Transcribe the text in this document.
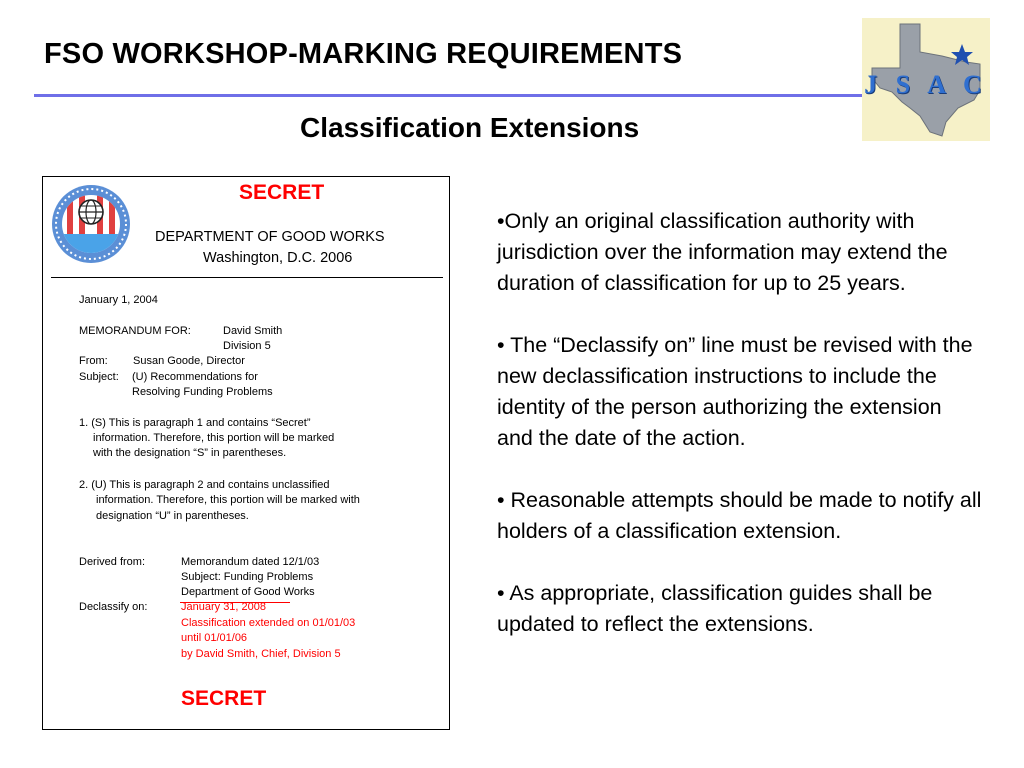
FSO WORKSHOP-MARKING REQUIREMENTS
J S A C
Classification Extensions
SECRET
DEPARTMENT OF GOOD WORKS
Washington, D.C. 2006
January 1, 2004
MEMORANDUM FOR:	David Smith
Division 5
From: Susan Goode, Director
Subject: (U) Recommendations for
Resolving Funding Problems
1. (S) This is paragraph 1 and contains “Secret”
information. Therefore, this portion will be marked
with the designation “S” in parentheses.
2. (U) This is paragraph 2 and contains unclassified
information. Therefore, this portion will be marked with
designation “U” in parentheses.
Derived from:	Memorandum dated 12/1/03
Subject: Funding Problems
Department of Good Works
Declassify on:	January 31, 2008
Classification extended on 01/01/03
until 01/01/06
by David Smith, Chief, Division 5
SECRET

•Only an original classification authority with jurisdiction over the information may extend the duration of classification for up to 25 years.

• The “Declassify on” line must be revised with the new declassification instructions to include the identity of the person authorizing the extension and the date of the action.

• Reasonable attempts should be made to notify all holders of a classification extension.

• As appropriate, classification guides shall be updated to reflect the extensions.
